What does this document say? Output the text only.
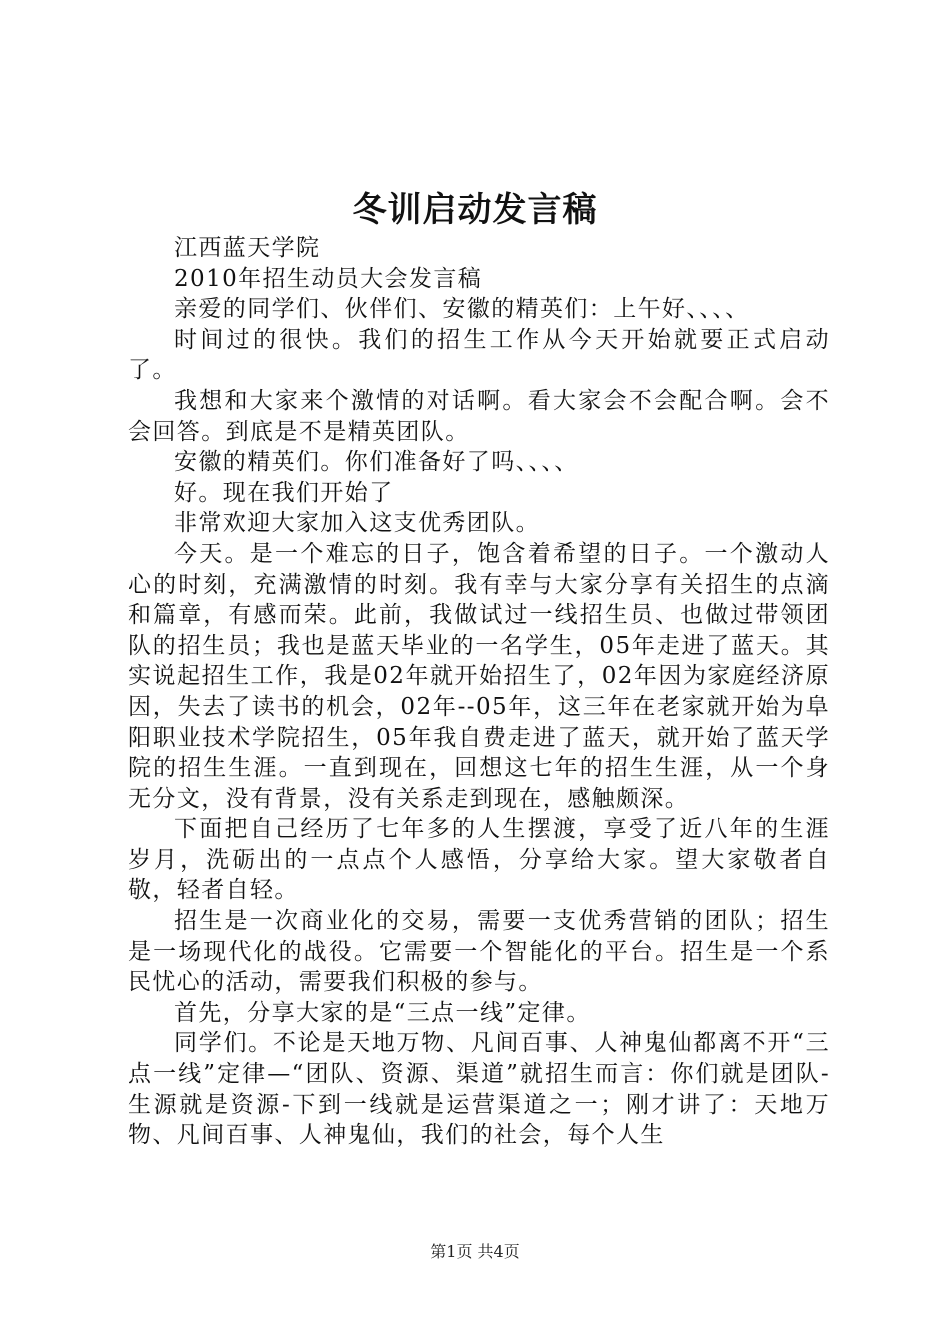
冬训启动发言稿

江西蓝天学院

2010年招生动员大会发言稿

亲爱的同学们、伙伴们、安徽的精英们：上午好、、、、

时间过的很快。我们的招生工作从今天开始就要正式启动了。

我想和大家来个激情的对话啊。看大家会不会配合啊。会不会回答。到底是不是精英团队。

安徽的精英们。你们准备好了吗、、、、

好。现在我们开始了

非常欢迎大家加入这支优秀团队。

今天。是一个难忘的日子，饱含着希望的日子。一个激动人心的时刻，充满激情的时刻。我有幸与大家分享有关招生的点滴和篇章，有感而荣。此前，我做试过一线招生员、也做过带领团队的招生员；我也是蓝天毕业的一名学生，05年走进了蓝天。其实说起招生工作，我是02年就开始招生了，02年因为家庭经济原因，失去了读书的机会，02年--05年，这三年在老家就开始为阜阳职业技术学院招生，05年我自费走进了蓝天，就开始了蓝天学院的招生生涯。一直到现在，回想这七年的招生生涯，从一个身无分文，没有背景，没有关系走到现在，感触颇深。

下面把自己经历了七年多的人生摆渡，享受了近八年的生涯岁月，洗砺出的一点点个人感悟，分享给大家。望大家敬者自敬，轻者自轻。

招生是一次商业化的交易，需要一支优秀营销的团队；招生是一场现代化的战役。它需要一个智能化的平台。招生是一个系民忧心的活动，需要我们积极的参与。

首先，分享大家的是“三点一线”定律。

同学们。不论是天地万物、凡间百事、人神鬼仙都离不开“三点一线”定律—“团队、资源、渠道”就招生而言：你们就是团队-生源就是资源-下到一线就是运营渠道之一；刚才讲了：天地万物、凡间百事、人神鬼仙，我们的社会，每个人生

第1页 共4页
